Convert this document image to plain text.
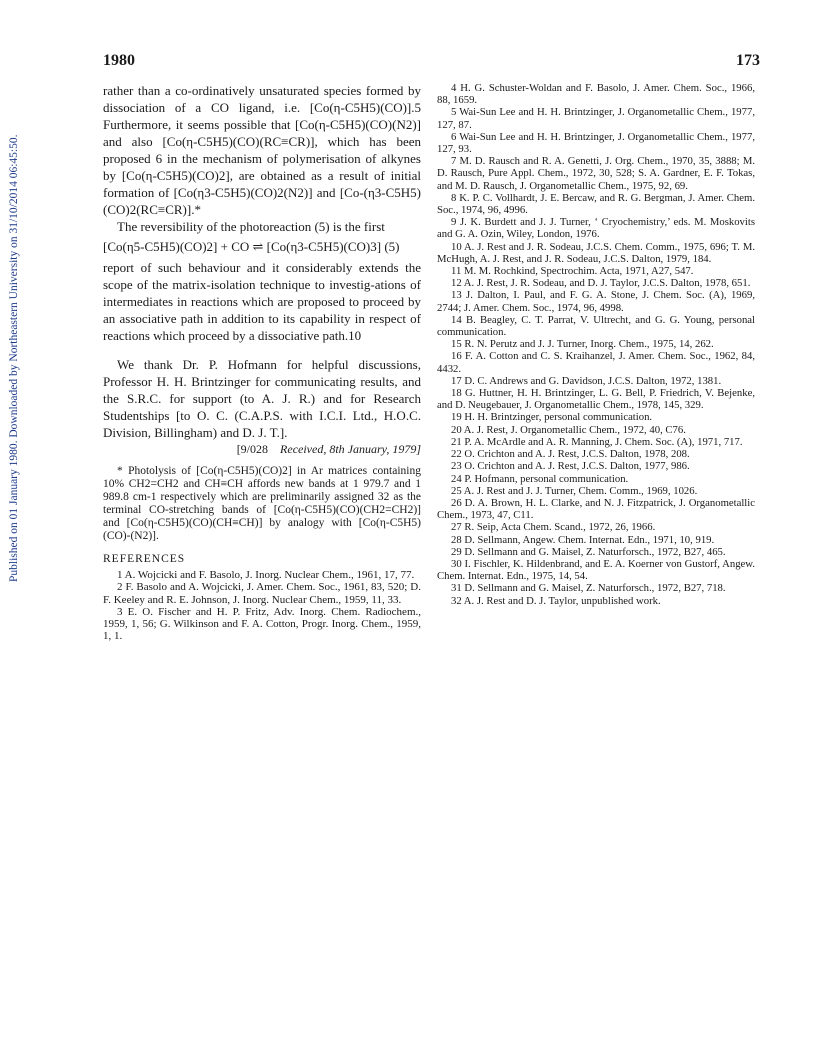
1980	173
Published on 01 January 1980. Downloaded by Northeastern University on 31/10/2014 06:45:50.

rather than a co-ordinatively unsaturated species formed by dissociation of a CO ligand, i.e. [Co(η-C5H5)(CO)].5 Furthermore, it seems possible that [Co(η-C5H5)(CO)(N2)] and also [Co(η-C5H5)(CO)(RC≡CR)], which has been proposed 6 in the mechanism of polymerisation of alkynes by [Co(η-C5H5)(CO)2], are obtained as a result of initial formation of [Co(η3-C5H5)(CO)2(N2)] and [Co-(η3-C5H5)(CO)2(RC≡CR)].*

The reversibility of the photoreaction (5) is the first

[Co(η5-C5H5)(CO)2] + CO ⇌ [Co(η3-C5H5)(CO)3] (5)

report of such behaviour and it considerably extends the scope of the matrix-isolation technique to investig-ations of intermediates in reactions which are proposed to proceed by an associative path in addition to its capability in respect of reactions which proceed by a dissociative path.10

We thank Dr. P. Hofmann for helpful discussions, Professor H. H. Brintzinger for communicating results, and the S.R.C. for support (to A. J. R.) and for Research Studentships [to O. C. (C.A.P.S. with I.C.I. Ltd., H.O.C. Division, Billingham) and D. J. T.].

[9/028 Received, 8th January, 1979]

* Photolysis of [Co(η-C5H5)(CO)2] in Ar matrices containing 10% CH2=CH2 and CH≡CH affords new bands at 1 979.7 and 1 989.8 cm-1 respectively which are preliminarily assigned 32 as the terminal CO-stretching bands of [Co(η-C5H5)(CO)(CH2=CH2)] and [Co(η-C5H5)(CO)(CH≡CH)] by analogy with [Co(η-C5H5)(CO)-(N2)].

REFERENCES

1 A. Wojcicki and F. Basolo, J. Inorg. Nuclear Chem., 1961, 17, 77.

2 F. Basolo and A. Wojcicki, J. Amer. Chem. Soc., 1961, 83, 520; D. F. Keeley and R. E. Johnson, J. Inorg. Nuclear Chem., 1959, 11, 33.

3 E. O. Fischer and H. P. Fritz, Adv. Inorg. Chem. Radiochem., 1959, 1, 56; G. Wilkinson and F. A. Cotton, Progr. Inorg. Chem., 1959, 1, 1.

4 H. G. Schuster-Woldan and F. Basolo, J. Amer. Chem. Soc., 1966, 88, 1659.

5 Wai-Sun Lee and H. H. Brintzinger, J. Organometallic Chem., 1977, 127, 87.

6 Wai-Sun Lee and H. H. Brintzinger, J. Organometallic Chem., 1977, 127, 93.

7 M. D. Rausch and R. A. Genetti, J. Org. Chem., 1970, 35, 3888; M. D. Rausch, Pure Appl. Chem., 1972, 30, 528; S. A. Gardner, E. F. Tokas, and M. D. Rausch, J. Organometallic Chem., 1975, 92, 69.

8 K. P. C. Vollhardt, J. E. Bercaw, and R. G. Bergman, J. Amer. Chem. Soc., 1974, 96, 4996.

9 J. K. Burdett and J. J. Turner, ‘ Cryochemistry,’ eds. M. Moskovits and G. A. Ozin, Wiley, London, 1976.

10 A. J. Rest and J. R. Sodeau, J.C.S. Chem. Comm., 1975, 696; T. M. McHugh, A. J. Rest, and J. R. Sodeau, J.C.S. Dalton, 1979, 184.

11 M. M. Rochkind, Spectrochim. Acta, 1971, A27, 547.

12 A. J. Rest, J. R. Sodeau, and D. J. Taylor, J.C.S. Dalton, 1978, 651.

13 J. Dalton, I. Paul, and F. G. A. Stone, J. Chem. Soc. (A), 1969, 2744; J. Amer. Chem. Soc., 1974, 96, 4998.

14 B. Beagley, C. T. Parrat, V. Ultrecht, and G. G. Young, personal communication.

15 R. N. Perutz and J. J. Turner, Inorg. Chem., 1975, 14, 262.

16 F. A. Cotton and C. S. Kraihanzel, J. Amer. Chem. Soc., 1962, 84, 4432.

17 D. C. Andrews and G. Davidson, J.C.S. Dalton, 1972, 1381.

18 G. Huttner, H. H. Brintzinger, L. G. Bell, P. Friedrich, V. Bejenke, and D. Neugebauer, J. Organometallic Chem., 1978, 145, 329.

19 H. H. Brintzinger, personal communication.

20 A. J. Rest, J. Organometallic Chem., 1972, 40, C76.

21 P. A. McArdle and A. R. Manning, J. Chem. Soc. (A), 1971, 717.

22 O. Crichton and A. J. Rest, J.C.S. Dalton, 1978, 208.

23 O. Crichton and A. J. Rest, J.C.S. Dalton, 1977, 986.

24 P. Hofmann, personal communication.

25 A. J. Rest and J. J. Turner, Chem. Comm., 1969, 1026.

26 D. A. Brown, H. L. Clarke, and N. J. Fitzpatrick, J. Organometallic Chem., 1973, 47, C11.

27 R. Seip, Acta Chem. Scand., 1972, 26, 1966.

28 D. Sellmann, Angew. Chem. Internat. Edn., 1971, 10, 919.

29 D. Sellmann and G. Maisel, Z. Naturforsch., 1972, B27, 465.

30 I. Fischler, K. Hildenbrand, and E. A. Koerner von Gustorf, Angew. Chem. Internat. Edn., 1975, 14, 54.

31 D. Sellmann and G. Maisel, Z. Naturforsch., 1972, B27, 718.

32 A. J. Rest and D. J. Taylor, unpublished work.
